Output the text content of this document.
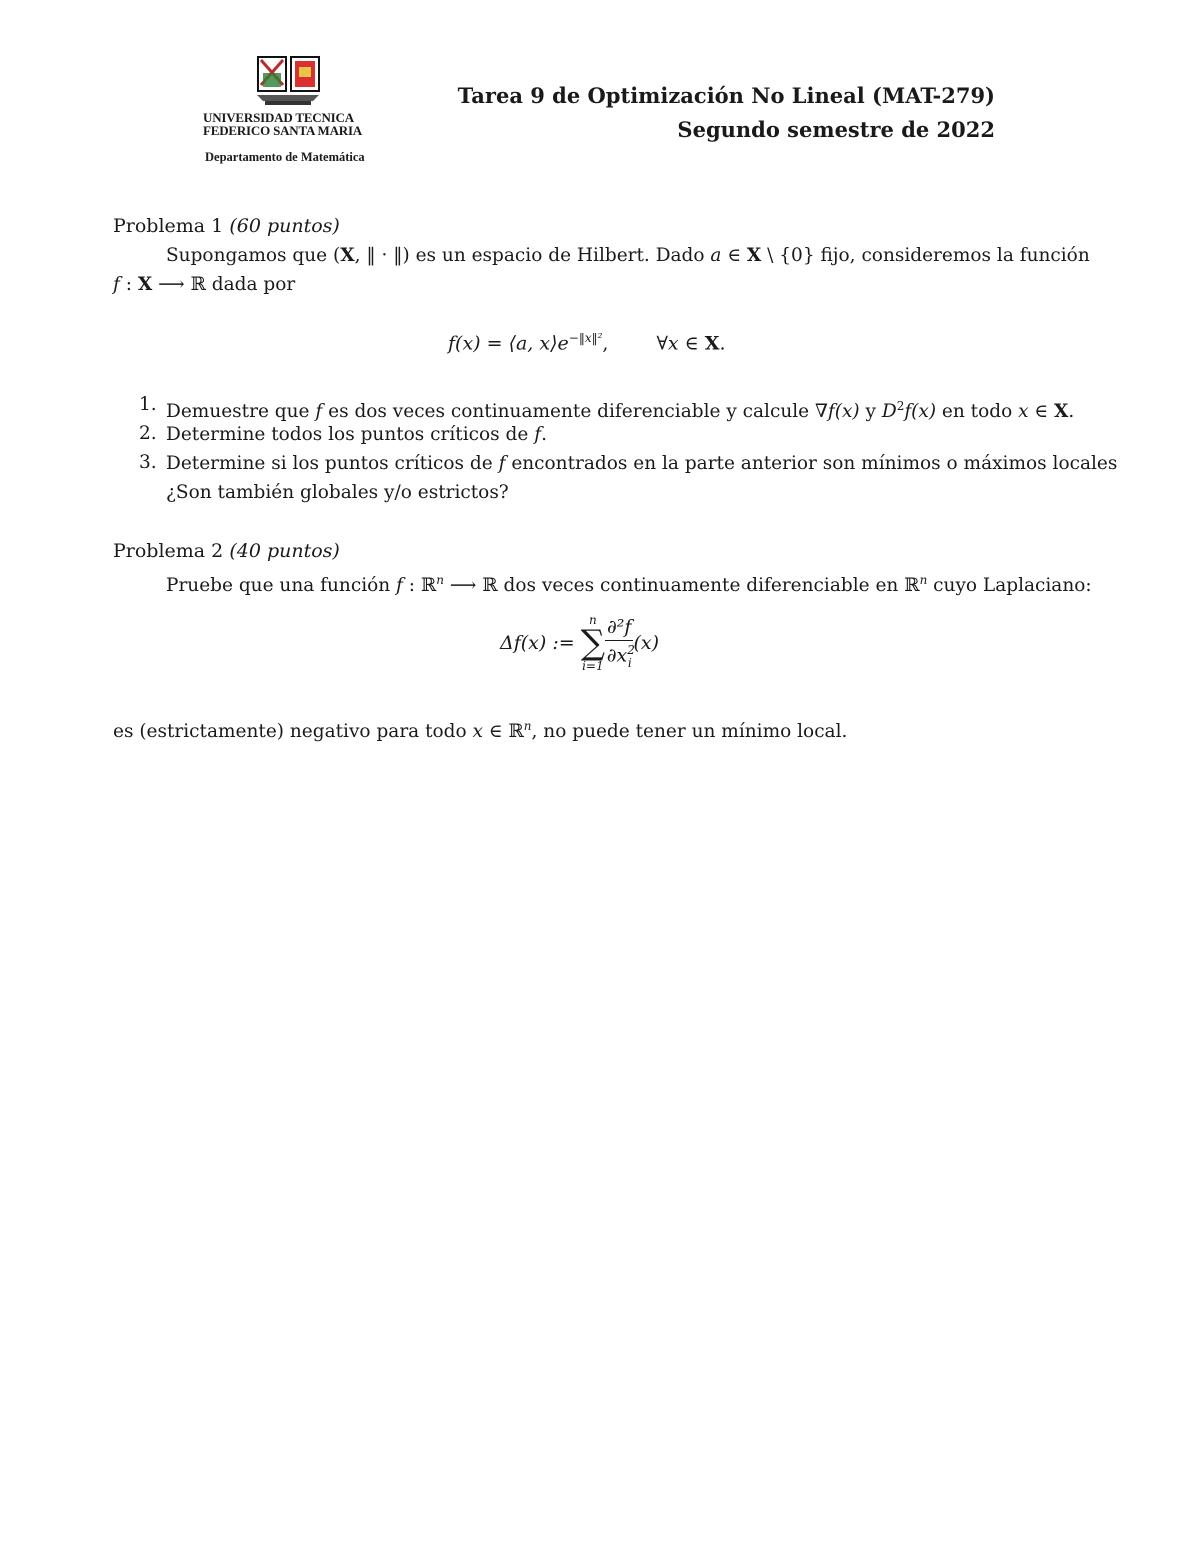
UNIVERSIDAD TECNICA
FEDERICO SANTA MARIA
Departamento de Matemática
Tarea 9 de Optimización No Lineal (MAT-279)
Segundo semestre de 2022
Problema 1 (60 puntos)
Supongamos que (X, ‖ · ‖) es un espacio de Hilbert. Dado a ∈ X \ {0} fijo, consideremos la función
f : X ⟶ ℝ dada por
f(x) = ⟨a, $x⟩e^{-‖x‖^2}$,	∀x ∈ X.
1. Demuestre que f es dos veces continuamente diferenciable y calcule ∇f(x) y $D^2f(x)$ en todo x ∈ X.
2. Determine todos los puntos críticos de f.
3. Determine si los puntos críticos de f encontrados en la parte anterior son mínimos o máximos locales
¿Son también globales y/o estrictos?
Problema 2 (40 puntos)
Pruebe que una función f : ℝ$^n$ ⟶ ℝ dos veces continuamente diferenciable en ℝ$^n$ cuyo Laplaciano:
Δf(x) :=
n
∑
$i=1 \frac{\text{∂²f}}{\partial x^2_i} (x)$
es (estrictamente) negativo para todo x ∈ ℝ$^n$, no puede tener un mínimo local.
